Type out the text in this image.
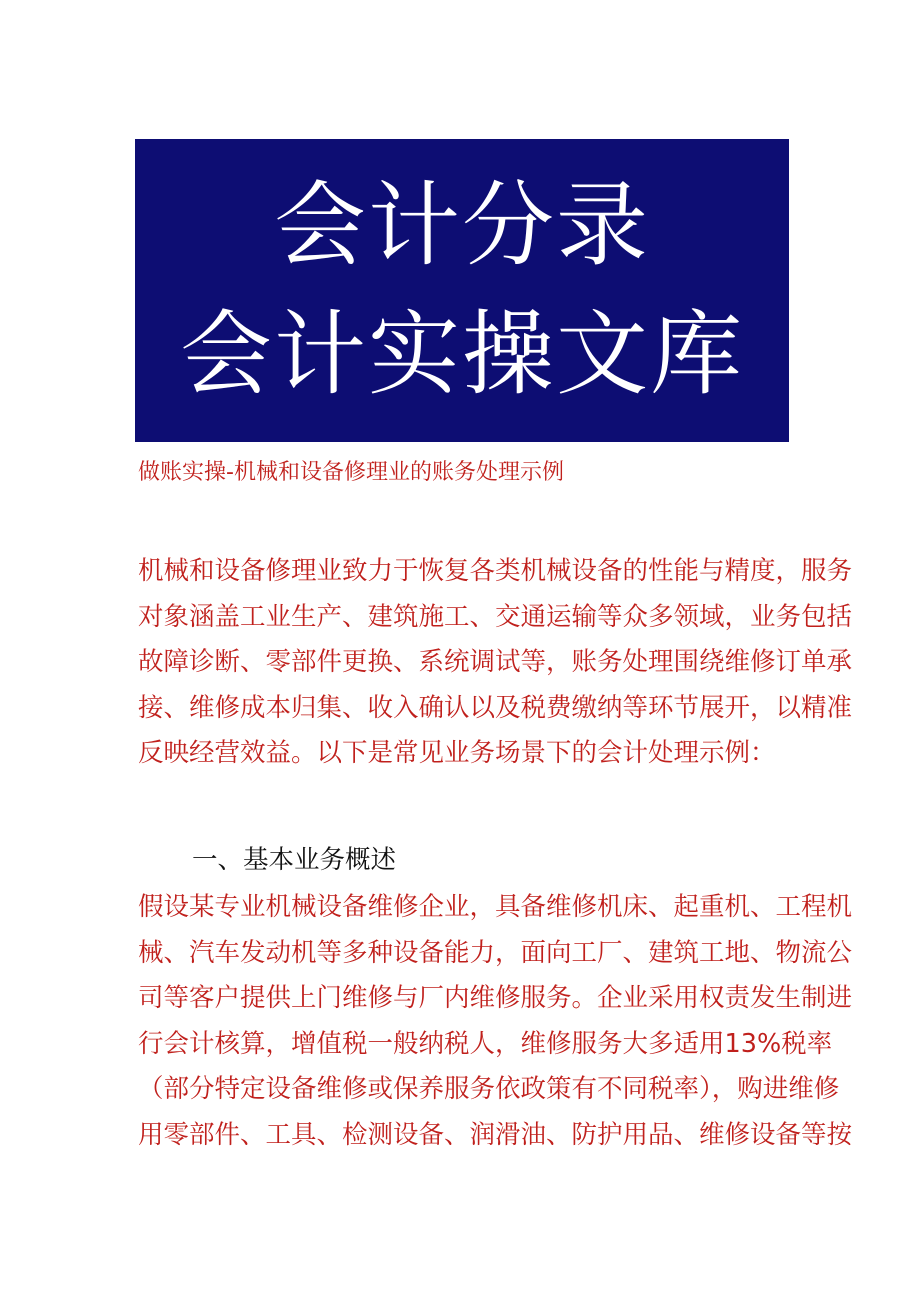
会计分录
会计实操文库
做账实操-机械和设备修理业的账务处理示例

机械和设备修理业致力于恢复各类机械设备的性能与精度，服务
对象涵盖工业生产、建筑施工、交通运输等众多领域，业务包括
故障诊断、零部件更换、系统调试等，账务处理围绕维修订单承
接、维修成本归集、收入确认以及税费缴纳等环节展开，以精准
反映经营效益。以下是常见业务场景下的会计处理示例：

一、基本业务概述

假设某专业机械设备维修企业，具备维修机床、起重机、工程机
械、汽车发动机等多种设备能力，面向工厂、建筑工地、物流公
司等客户提供上门维修与厂内维修服务。企业采用权责发生制进
行会计核算，增值税一般纳税人，维修服务大多适用13%税率
（部分特定设备维修或保养服务依政策有不同税率），购进维修
用零部件、工具、检测设备、润滑油、防护用品、维修设备等按
